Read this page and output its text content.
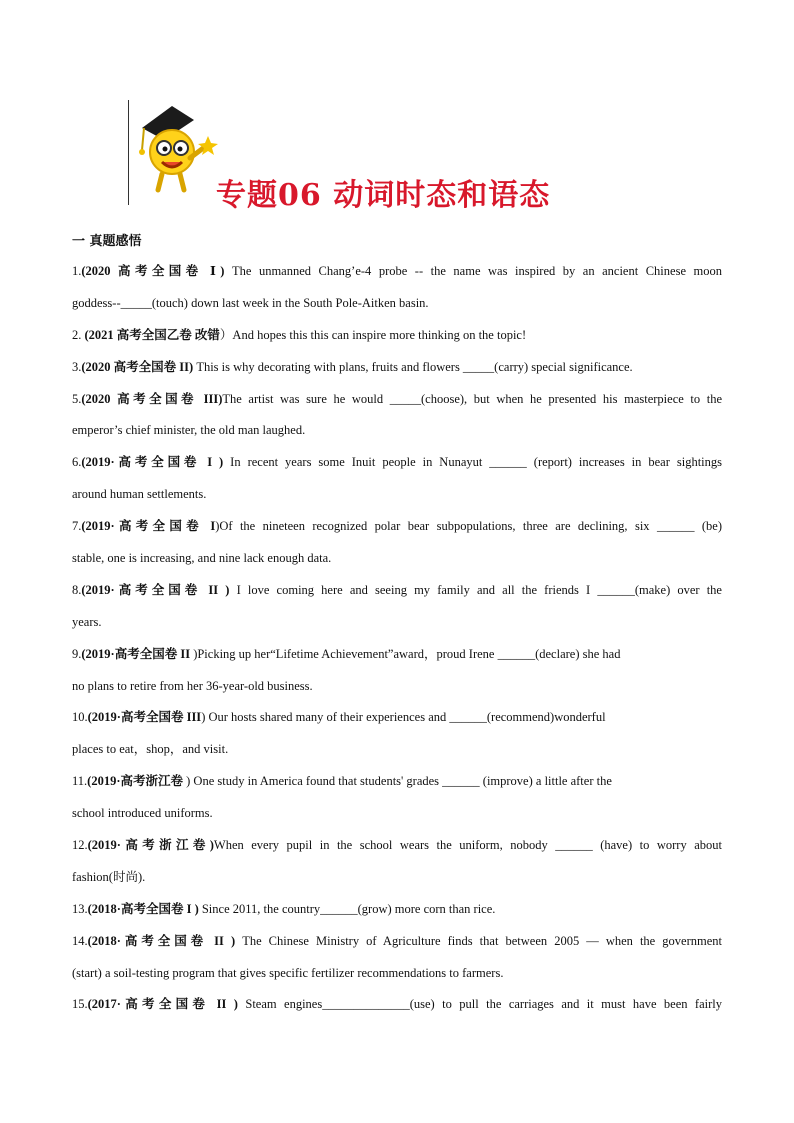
专题06 动词时态和语态
一 真题感悟
1.(2020 高考全国卷 Ⅰ) The unmanned Chang’e-4 probe -- the name was inspired by an ancient Chinese moon
goddess--_____(touch) down last week in the South Pole-Aitken basin.
2. (2021 高考全国乙卷 改错）And hopes this this can inspire more thinking on the topic!
3.(2020 高考全国卷 II) This is why decorating with plans, fruits and flowers _____(carry) special significance.
5.(2020 高考全国卷 III)The artist was sure he would _____(choose), but when he presented his masterpiece to the
emperor’s chief minister, the old man laughed.
6.(2019·高考全国卷 I ) In recent years some Inuit people in Nunayut ______ (report) increases in bear sightings
around human settlements.
7.(2019·高考全国卷 I)Of the nineteen recognized polar bear subpopulations, three are declining, six ______ (be)
stable, one is increasing, and nine lack enough data.
8.(2019·高考全国卷 II ) I love coming here and seeing my family and all the friends I ______(make) over the
years.
9.(2019·高考全国卷 II )Picking up her“Lifetime Achievement”award，proud Irene ______(declare) she had
no plans to retire from her 36-year-old business.
10.(2019·高考全国卷 III) Our hosts shared many of their experiences and ______(recommend)wonderful
places to eat，shop，and visit.
11.(2019·高考浙江卷 ) One study in America found that students' grades ______ (improve) a little after the
school introduced uniforms.
12.(2019·高考浙江卷)When every pupil in the school wears the uniform, nobody ______ (have) to worry about
fashion(时尚).
13.(2018·高考全国卷 I ) Since 2011, the country______(grow) more corn than rice.
14.(2018·高考全国卷 II ) The Chinese Ministry of Agriculture finds that between 2005 — when the government
(start) a soil-testing program that gives specific fertilizer recommendations to farmers.
15.(2017·高考全国卷 II ) Steam engines______________(use) to pull the carriages and it must have been fairly
